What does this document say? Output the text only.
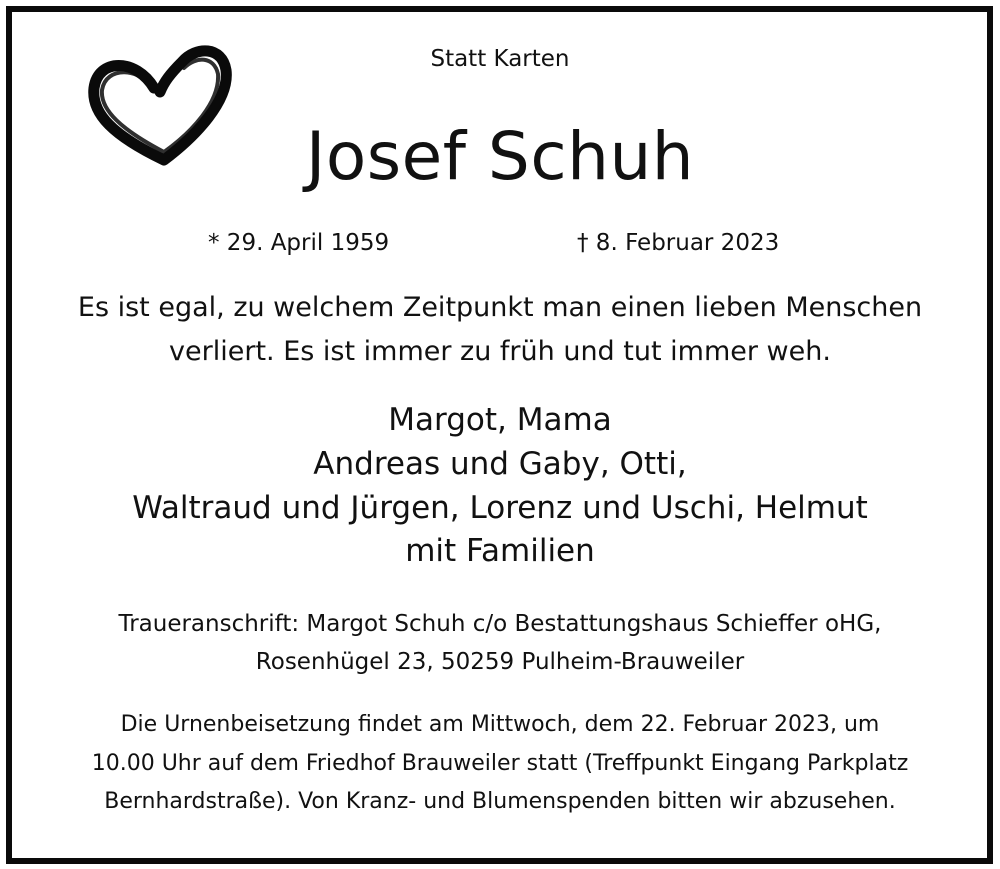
Statt Karten
Josef Schuh
* 29. April 1959	† 8. Februar 2023
Es ist egal, zu welchem Zeitpunkt man einen lieben Menschen
verliert. Es ist immer zu früh und tut immer weh.
Margot, Mama
Andreas und Gaby, Otti,
Waltraud und Jürgen, Lorenz und Uschi, Helmut
mit Familien
Traueranschrift: Margot Schuh c/o Bestattungshaus Schieffer oHG,
Rosenhügel 23, 50259 Pulheim-Brauweiler
Die Urnenbeisetzung findet am Mittwoch, dem 22. Februar 2023, um
10.00 Uhr auf dem Friedhof Brauweiler statt (Treffpunkt Eingang Parkplatz
Bernhardstraße). Von Kranz- und Blumenspenden bitten wir abzusehen.
